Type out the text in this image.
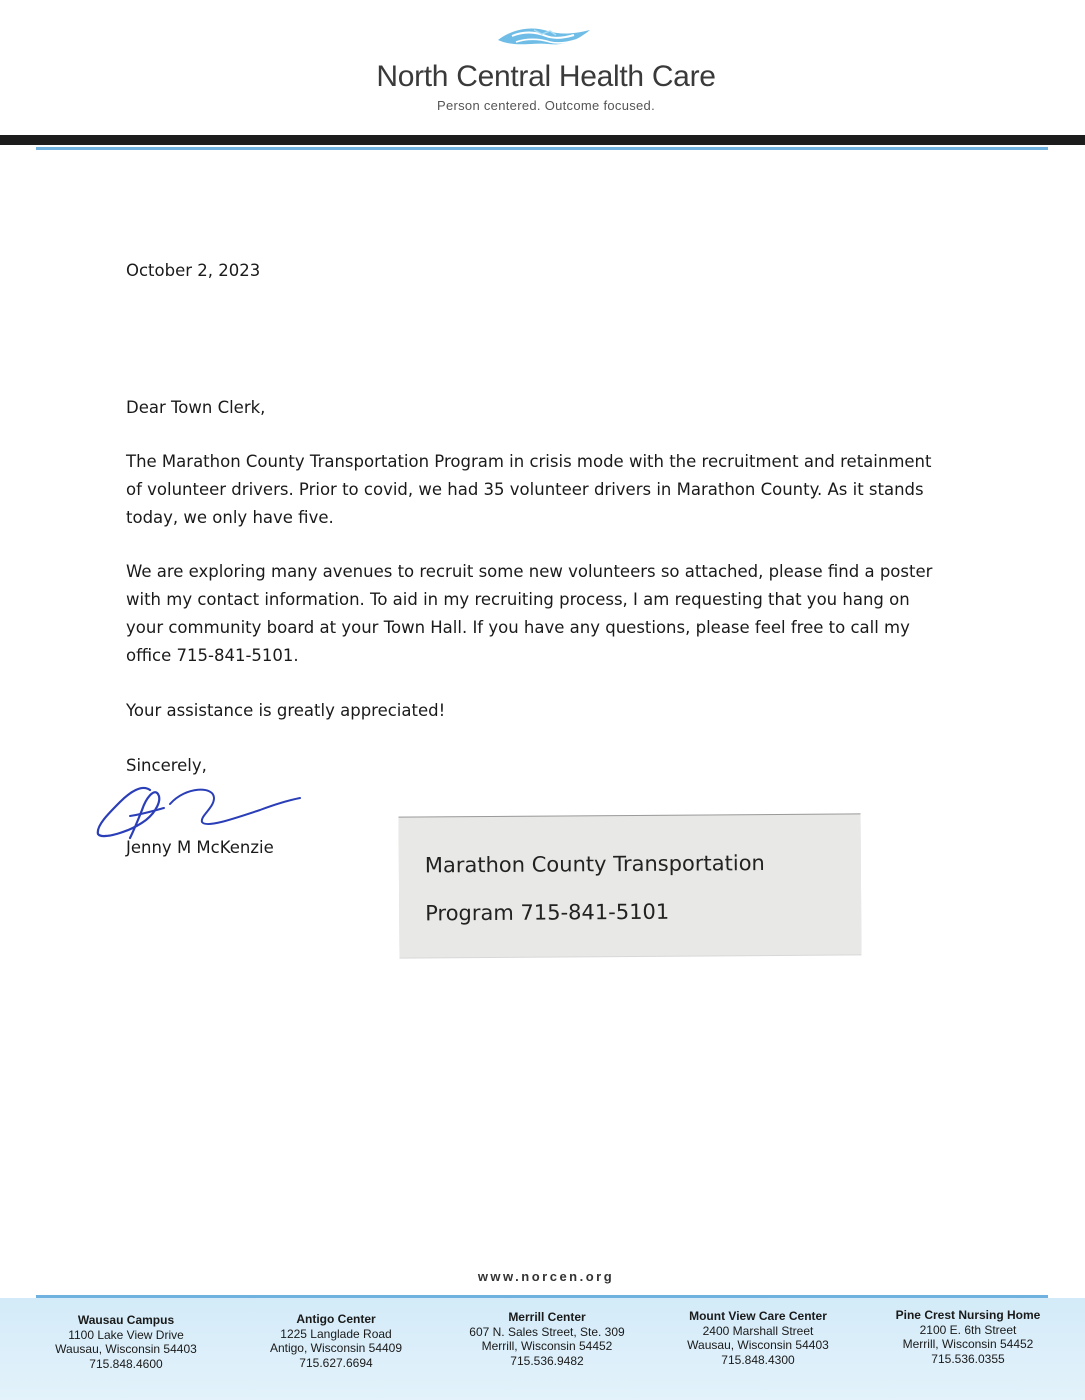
North Central Health Care
Person centered. Outcome focused.
October 2, 2023
Dear Town Clerk,
The Marathon County Transportation Program in crisis mode with the recruitment and retainment of volunteer drivers. Prior to covid, we had 35 volunteer drivers in Marathon County. As it stands today, we only have five.
We are exploring many avenues to recruit some new volunteers so attached, please find a poster with my contact information. To aid in my recruiting process, I am requesting that you hang on your community board at your Town Hall. If you have any questions, please feel free to call my office 715-841-5101.
Your assistance is greatly appreciated!
Sincerely,
Jenny M McKenzie
Marathon County Transportation
Program 715-841-5101
www.norcen.org
Wausau Campus
1100 Lake View Drive
Wausau, Wisconsin 54403
715.848.4600
Antigo Center
1225 Langlade Road
Antigo, Wisconsin 54409
715.627.6694
Merrill Center
607 N. Sales Street, Ste. 309
Merrill, Wisconsin 54452
715.536.9482
Mount View Care Center
2400 Marshall Street
Wausau, Wisconsin 54403
715.848.4300
Pine Crest Nursing Home
2100 E. 6th Street
Merrill, Wisconsin 54452
715.536.0355
